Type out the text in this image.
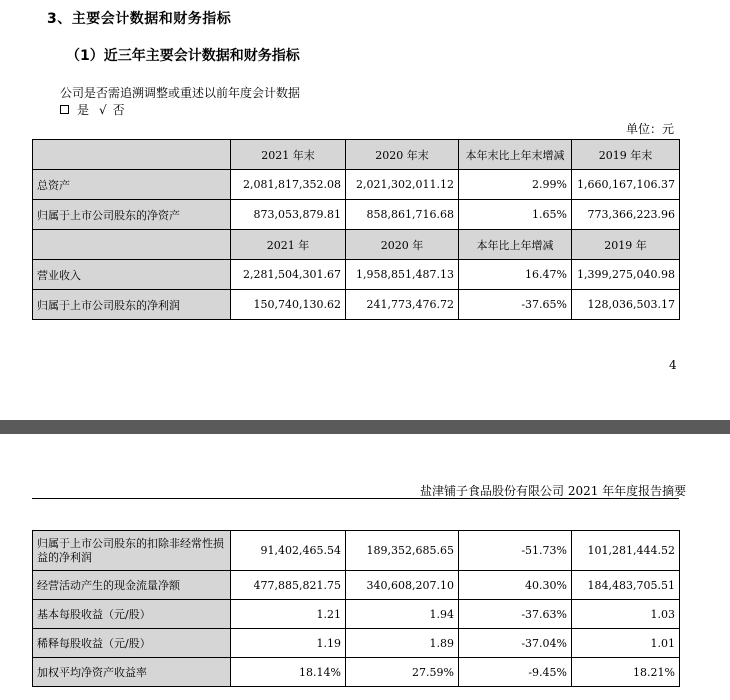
3、主要会计数据和财务指标
（1）近三年主要会计数据和财务指标
公司是否需追溯调整或重述以前年度会计数据
是 √ 否
单位：元
	2021 年末	2020 年末	本年末比上年末增减	2019 年末
总资产	2,081,817,352.08	2,021,302,011.12	2.99%	1,660,167,106.37
归属于上市公司股东的净资产	873,053,879.81	858,861,716.68	1.65%	773,366,223.96
	2021 年	2020 年	本年比上年增减	2019 年
营业收入	2,281,504,301.67	1,958,851,487.13	16.47%	1,399,275,040.98
归属于上市公司股东的净利润	150,740,130.62	241,773,476.72	-37.65%	128,036,503.17
4
盐津铺子食品股份有限公司 2021 年年度报告摘要
归属于上市公司股东的扣除非经常性损益的净利润	91,402,465.54	189,352,685.65	-51.73%	101,281,444.52
经营活动产生的现金流量净额	477,885,821.75	340,608,207.10	40.30%	184,483,705.51
基本每股收益（元/股）	1.21	1.94	-37.63%	1.03
稀释每股收益（元/股）	1.19	1.89	-37.04%	1.01
加权平均净资产收益率	18.14%	27.59%	-9.45%	18.21%
